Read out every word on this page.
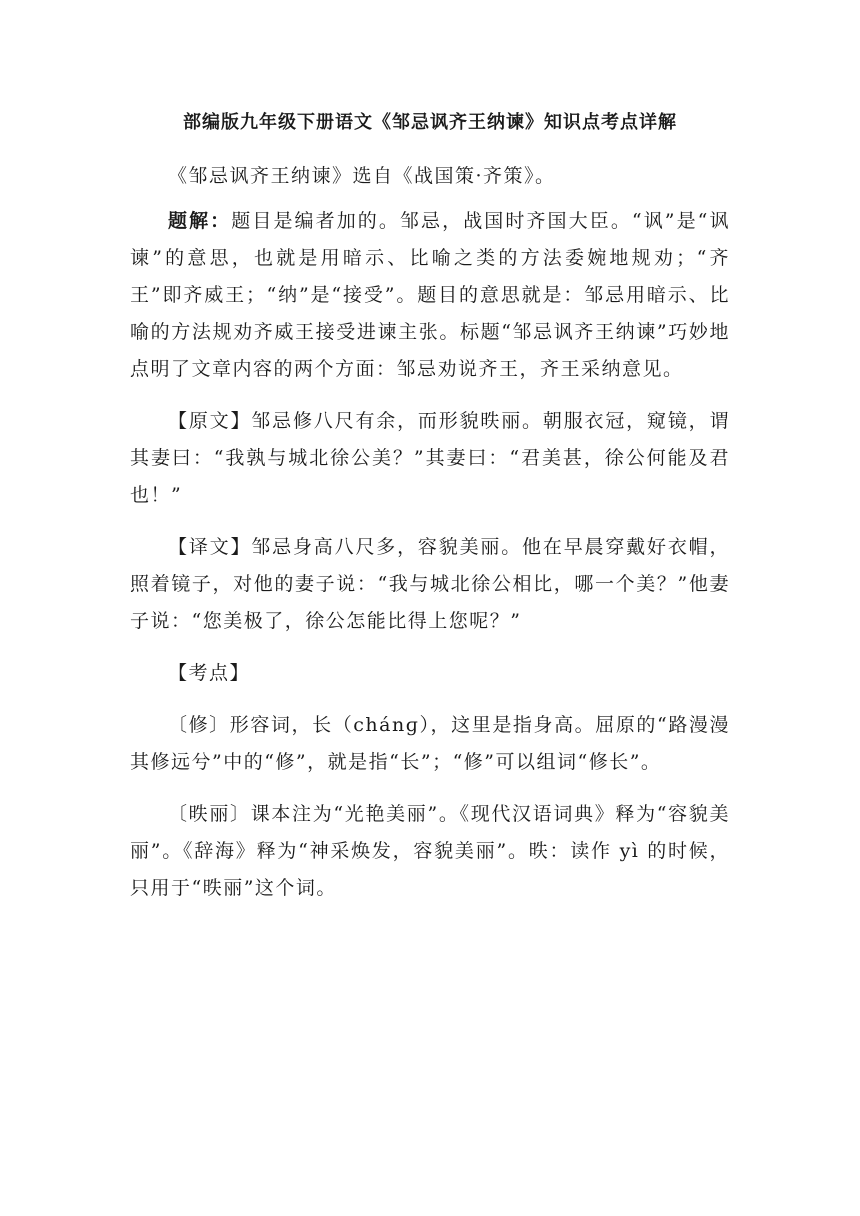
部编版九年级下册语文《邹忌讽齐王纳谏》知识点考点详解

《邹忌讽齐王纳谏》选自《战国策·齐策》。

题解：题目是编者加的。邹忌，战国时齐国大臣。“讽”是“讽谏”的意思，也就是用暗示、比喻之类的方法委婉地规劝；“齐王”即齐威王；“纳”是“接受”。题目的意思就是：邹忌用暗示、比喻的方法规劝齐威王接受进谏主张。标题“邹忌讽齐王纳谏”巧妙地点明了文章内容的两个方面：邹忌劝说齐王，齐王采纳意见。

【原文】邹忌修八尺有余，而形貌昳丽。朝服衣冠，窥镜，谓其妻曰：“我孰与城北徐公美？”其妻曰：“君美甚，徐公何能及君也！”

【译文】邹忌身高八尺多，容貌美丽。他在早晨穿戴好衣帽，照着镜子，对他的妻子说：“我与城北徐公相比，哪一个美？”他妻子说：“您美极了，徐公怎能比得上您呢？”

【考点】

〔修〕形容词，长（chánɡ），这里是指身高。屈原的“路漫漫其修远兮”中的“修”，就是指“长”；“修”可以组词“修长”。

〔昳丽〕课本注为“光艳美丽”。《现代汉语词典》释为“容貌美丽”。《辞海》释为“神采焕发，容貌美丽”。昳：读作 yì 的时候，只用于“昳丽”这个词。
